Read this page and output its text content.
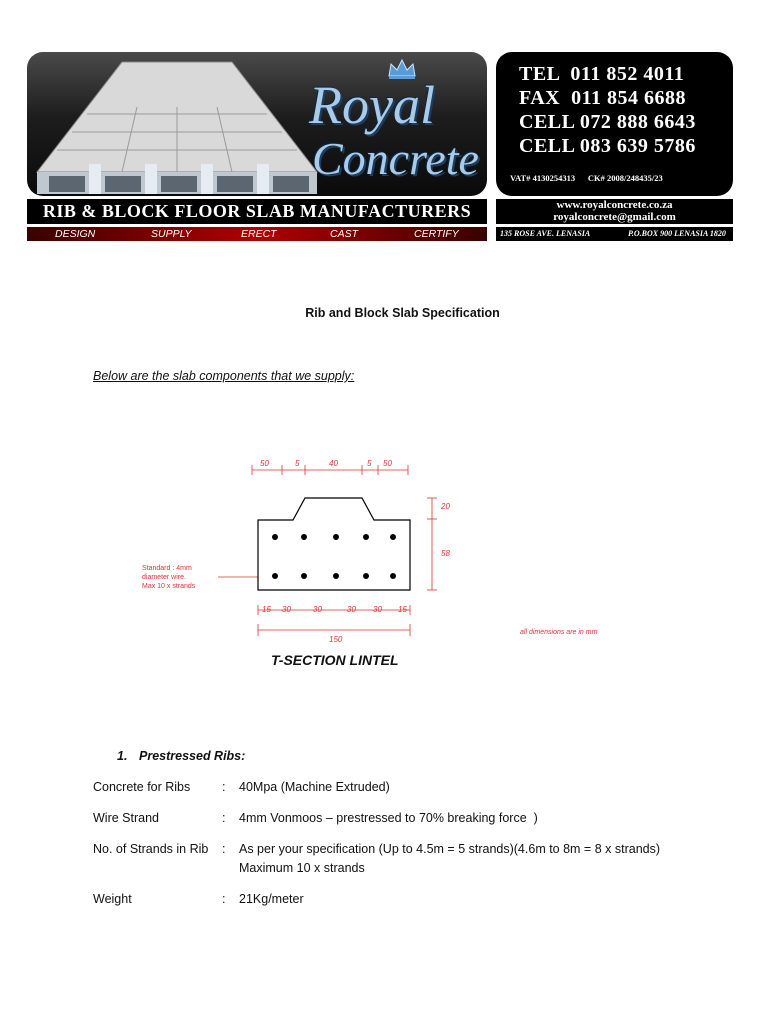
Royal
Concrete
TEL 011 852 4011
FAX 011 854 6688
CELL 072 888 6643
CELL 083 639 5786
VAT# 4130254313 CK# 2008/248435/23
RIB & BLOCK FLOOR SLAB MANUFACTURERS
DESIGN	SUPPLY	ERECT	CAST	CERTIFY
www.royalconcrete.co.za
royalconcrete@gmail.com
135 ROSE AVE. LENASIA	P.O.BOX 900 LENASIA 1820
Rib and Block Slab Specification
Below are the slab components that we supply:
50	5	40	5 50
20
58
Standard : 4mm
diameter wire.
Max 10 x strands
15 30	30	30 30 15
150
all dimensions are in mm
T-SECTION LINTEL
1. Prestressed Ribs:
Concrete for Ribs	: 40Mpa (Machine Extruded)
Wire Strand	: 4mm Vonmoos – prestressed to 70% breaking force  )
No. of Strands in Rib : As per your specification (Up to 4.5m = 5 strands)(4.6m to 8m = 8 x strands)
Maximum 10 x strands
Weight	: 21Kg/meter
